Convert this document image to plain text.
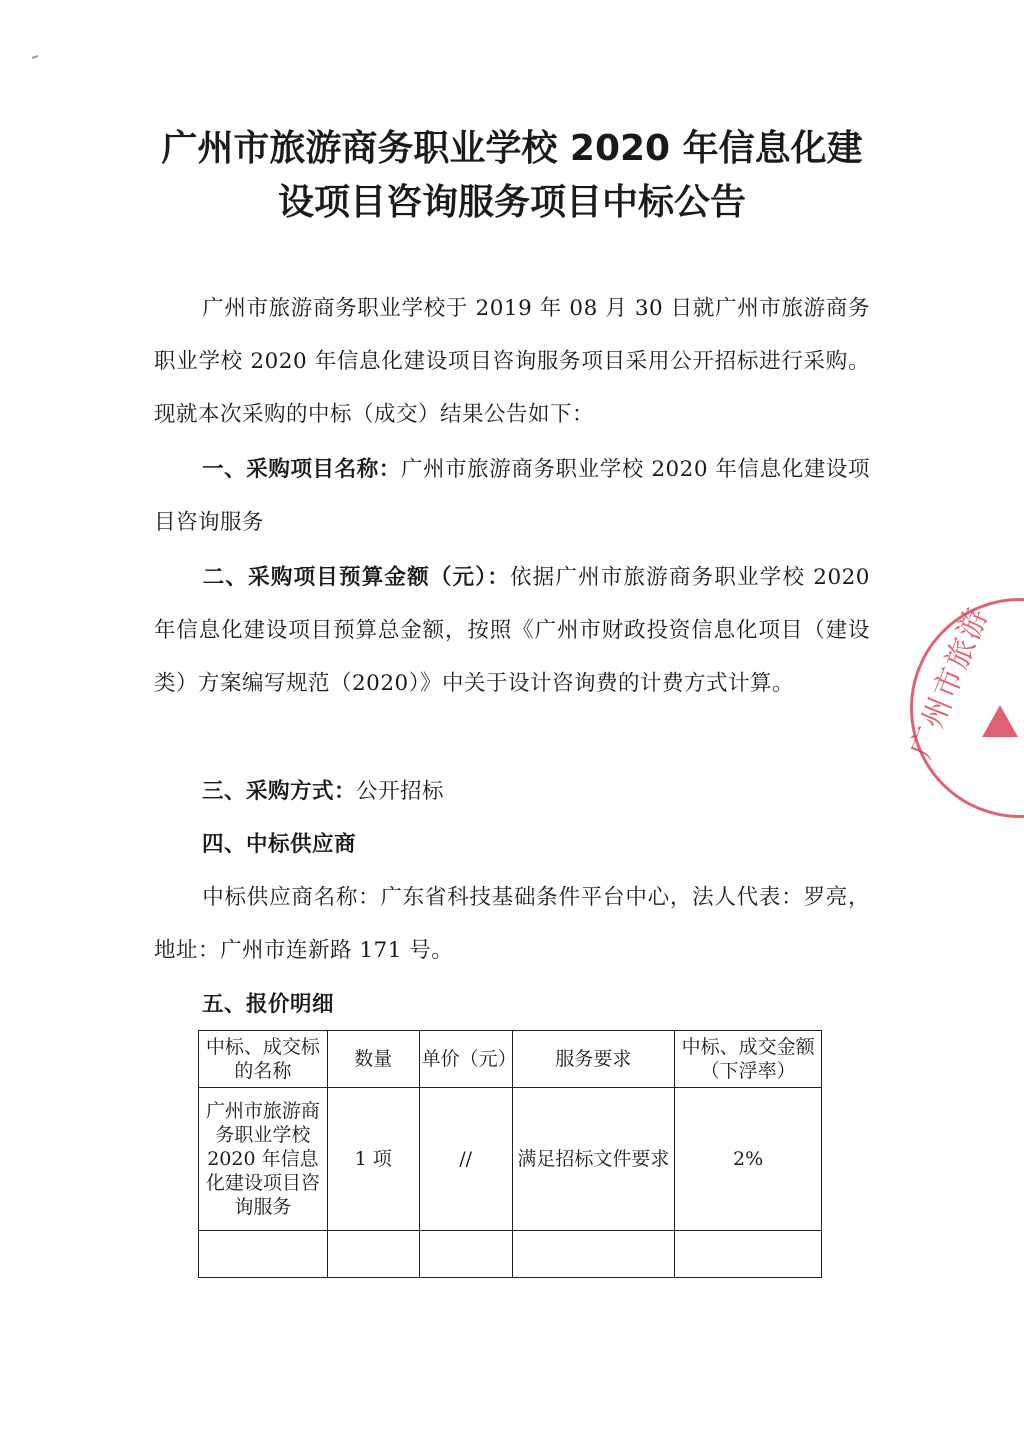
广州市旅游商务职业学校 2020 年信息化建
设项目咨询服务项目中标公告

广州市旅游商务职业学校于 2019 年 08 月 30 日就广州市旅游商务职业学校 2020 年信息化建设项目咨询服务项目采用公开招标进行采购。现就本次采购的中标（成交）结果公告如下：

一、采购项目名称：广州市旅游商务职业学校 2020 年信息化建设项目咨询服务

二、采购项目预算金额（元）：依据广州市旅游商务职业学校 2020 年信息化建设项目预算总金额，按照《广州市财政投资信息化项目（建设类）方案编写规范（2020）》中关于设计咨询费的计费方式计算。

三、采购方式：公开招标

四、中标供应商

中标供应商名称：广东省科技基础条件平台中心，法人代表：罗亮，地址：广州市连新路 171 号。

五、报价明细

中标、成交标的名称	数量	单价（元）	服务要求	中标、成交金额（下浮率）
广州市旅游商务职业学校 2020 年信息化建设项目咨询服务	1 项	//	满足招标文件要求	2%

广州市旅游
